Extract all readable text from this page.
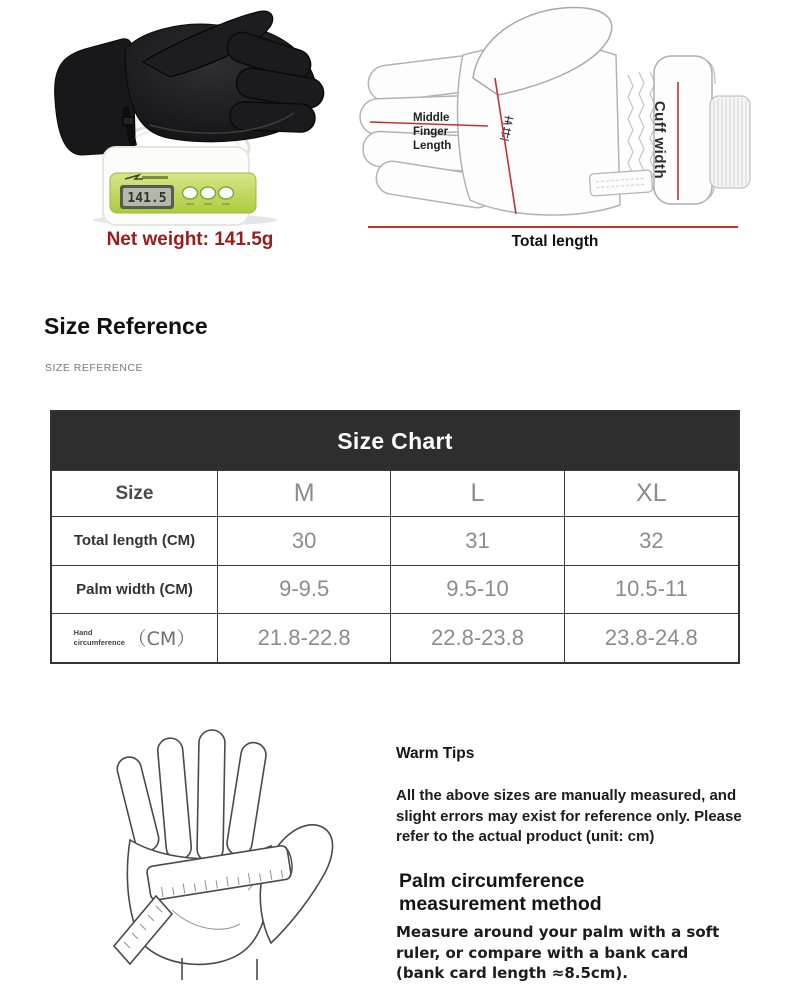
141.5
Middle
Finger
Length	Cuff width
Net weight: 141.5g	Total length
Size Reference
SIZE REFERENCE
Size Chart
Size	M	L	XL
Total length (CM)	30	31	32
Palm width (CM)	9-9.5	9.5-10	10.5-11
Hand circumference （CM）	21.8-22.8	22.8-23.8	23.8-24.8
Warm Tips
All the above sizes are manually measured, and slight errors may exist for reference only. Please refer to the actual product (unit: cm)
Palm circumference measurement method
Measure around your palm with a soft ruler, or compare with a bank card (bank card length ≈8.5cm).
